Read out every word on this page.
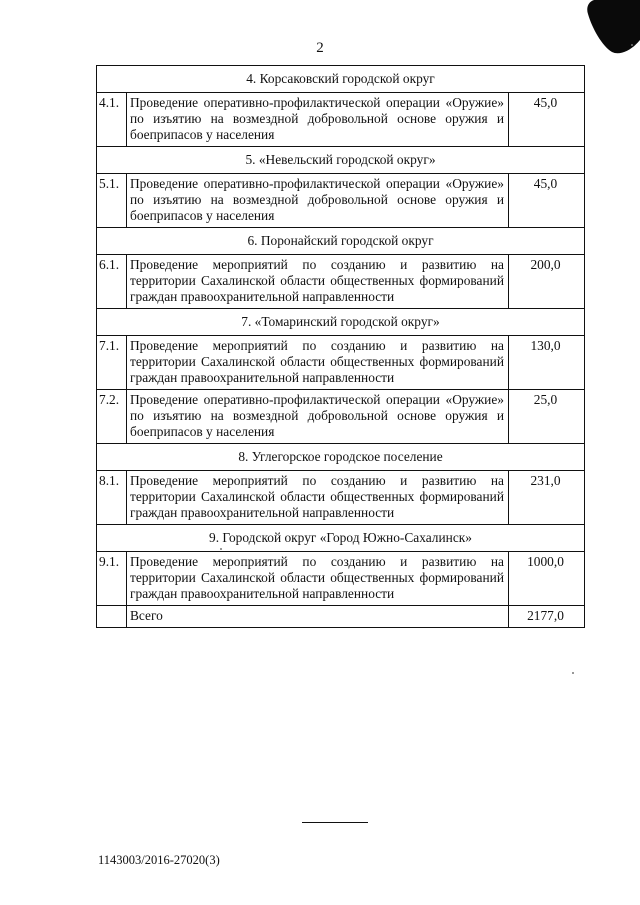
2
4. Корсаковский городской округ		
4.1.	Проведение оперативно-профилактической операции «Оружие» по изъятию на возмездной добровольной основе оружия и боеприпасов у населения	45,0
5. «Невельский городской округ»		
5.1.	Проведение оперативно-профилактической операции «Оружие» по изъятию на возмездной добровольной основе оружия и боеприпасов у населения	45,0
6. Поронайский городской округ		
6.1.	Проведение мероприятий по созданию и развитию на территории Сахалинской области общественных формирований граждан правоохранительной направленности	200,0
7. «Томаринский городской округ»		
7.1.	Проведение мероприятий по созданию и развитию на территории Сахалинской области общественных формирований граждан правоохранительной направленности	130,0
7.2.	Проведение оперативно-профилактической операции «Оружие» по изъятию на возмездной добровольной основе оружия и боеприпасов у населения	25,0
8. Углегорское городское поселение		
8.1.	Проведение мероприятий по созданию и развитию на территории Сахалинской области общественных формирований граждан правоохранительной направленности	231,0
9. Городской округ «Город Южно-Сахалинск»		
9.1.	Проведение мероприятий по созданию и развитию на территории Сахалинской области общественных формирований граждан правоохранительной направленности	1000,0
	Всего	2177,0
1143003/2016-27020(3)
